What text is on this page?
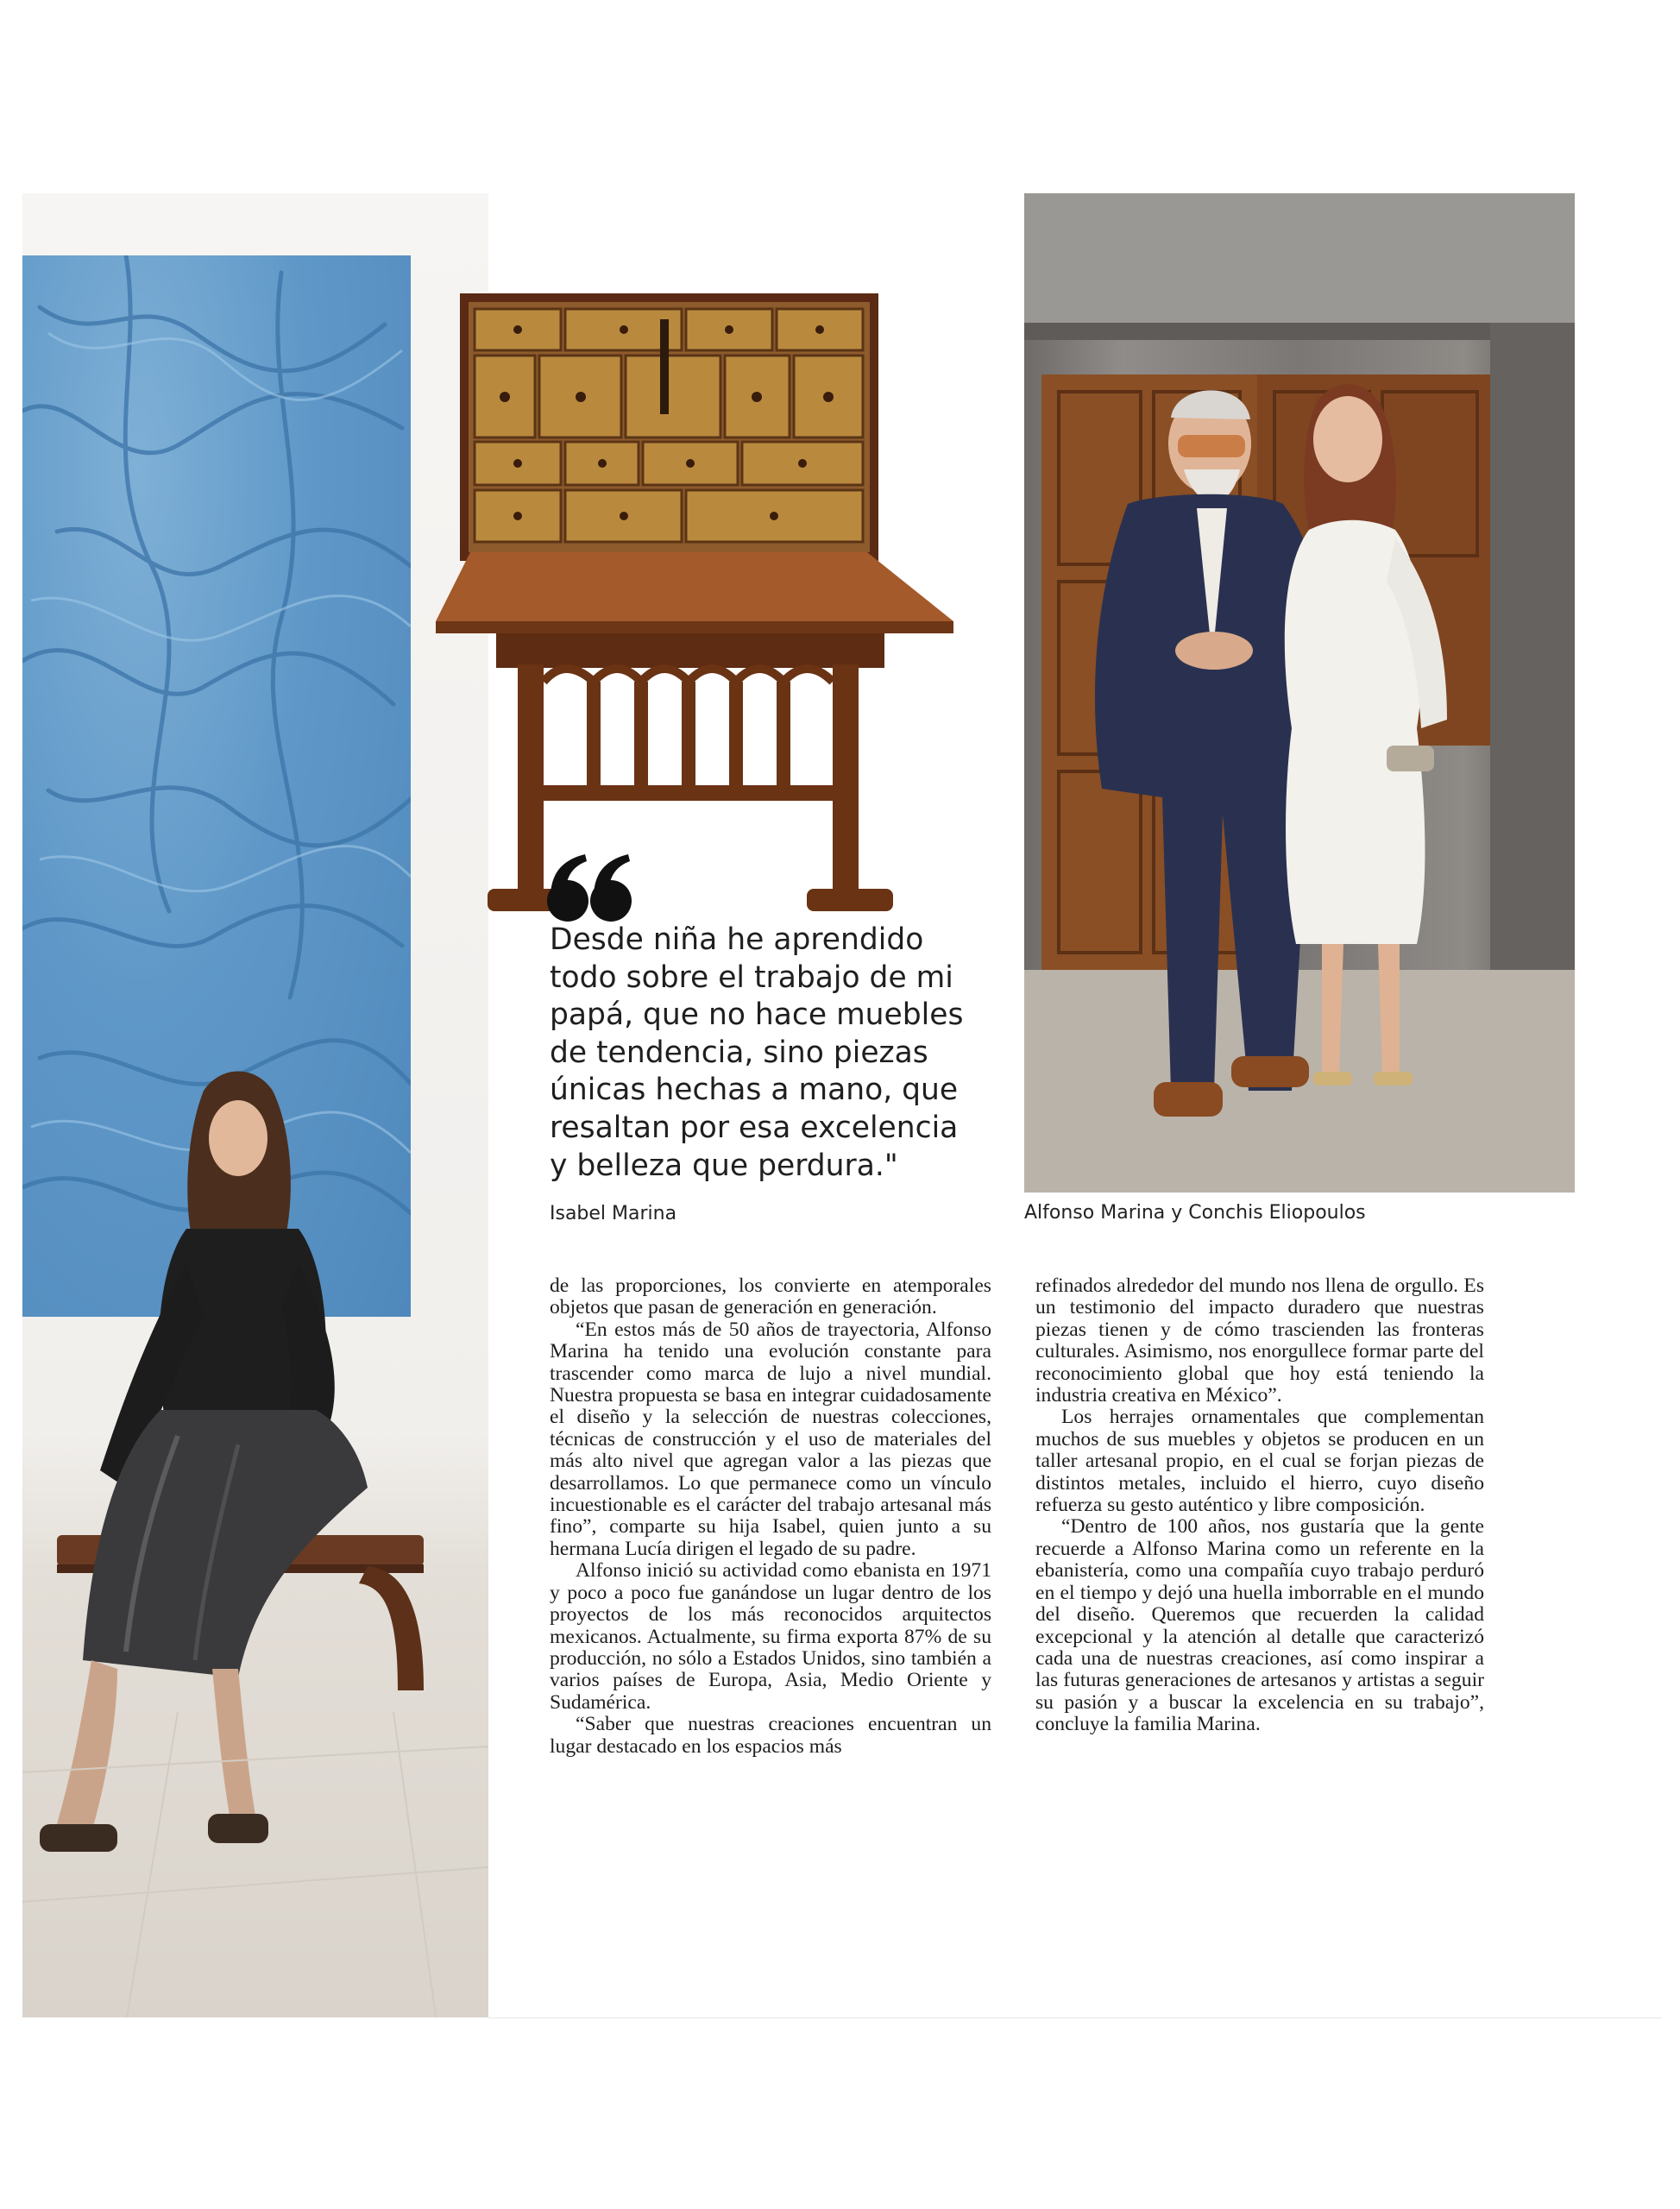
Desde niña he aprendido
todo sobre el trabajo de mi
papá, que no hace muebles
de tendencia, sino piezas
únicas hechas a mano, que
resaltan por esa excelencia
y belleza que perdura."
Isabel Marina	Alfonso Marina y Conchis Eliopoulos

de las proporciones, los convierte en atemporales objetos que pasan de generación en generación.

“En estos más de 50 años de trayectoria, Alfonso Marina ha tenido una evolución constante para trascender como marca de lujo a nivel mundial. Nuestra propuesta se basa en integrar cuidadosamente el diseño y la selección de nuestras colecciones, técnicas de construcción y el uso de materiales del más alto nivel que agregan valor a las piezas que desarrollamos. Lo que permanece como un vínculo incuestionable es el carácter del trabajo artesanal más fino”, comparte su hija Isabel, quien junto a su hermana Lucía dirigen el legado de su padre.

Alfonso inició su actividad como ebanista en 1971 y poco a poco fue ganándose un lugar dentro de los proyectos de los más reconocidos arquitectos mexicanos. Actualmente, su firma exporta 87% de su producción, no sólo a Estados Unidos, sino también a varios países de Europa, Asia, Medio Oriente y Sudamérica.

“Saber que nuestras creaciones encuentran un lugar destacado en los espacios más

refinados alrededor del mundo nos llena de orgullo. Es un testimonio del impacto duradero que nuestras piezas tienen y de cómo trascienden las fronteras culturales. Asimismo, nos enorgullece formar parte del reconocimiento global que hoy está teniendo la industria creativa en México”.

Los herrajes ornamentales que complementan muchos de sus muebles y objetos se producen en un taller artesanal propio, en el cual se forjan piezas de distintos metales, incluido el hierro, cuyo diseño refuerza su gesto auténtico y libre composición.

“Dentro de 100 años, nos gustaría que la gente recuerde a Alfonso Marina como un referente en la ebanistería, como una compañía cuyo trabajo perduró en el tiempo y dejó una huella imborrable en el mundo del diseño. Queremos que recuerden la calidad excepcional y la atención al detalle que caracterizó cada una de nuestras creaciones, así como inspirar a las futuras generaciones de artesanos y artistas a seguir su pasión y a buscar la excelencia en su trabajo”, concluye la familia Marina.
